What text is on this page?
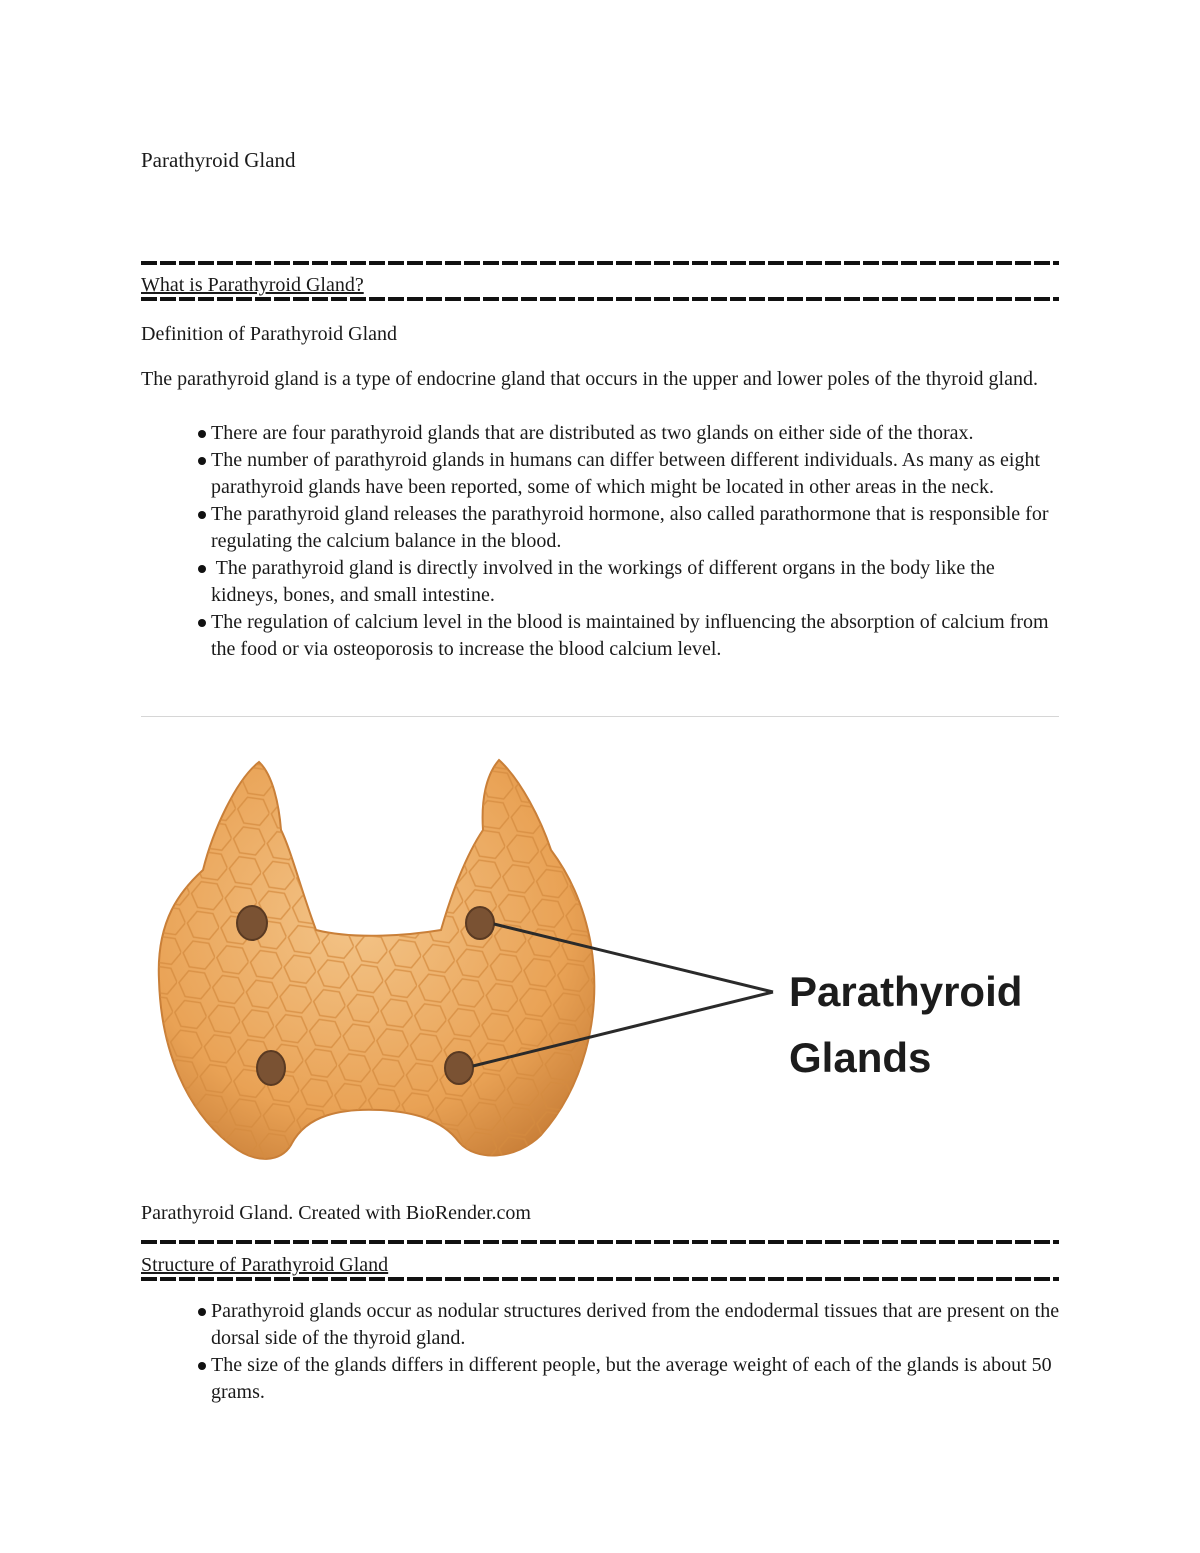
Parathyroid Gland
What is Parathyroid Gland?
Definition of Parathyroid Gland
The parathyroid gland is a type of endocrine gland that occurs in the upper and lower poles of the thyroid gland.
There are four parathyroid glands that are distributed as two glands on either side of the thorax.
The number of parathyroid glands in humans can differ between different individuals. As many as eight parathyroid glands have been reported, some of which might be located in other areas in the neck.
The parathyroid gland releases the parathyroid hormone, also called parathormone that is responsible for regulating the calcium balance in the blood.
The parathyroid gland is directly involved in the workings of different organs in the body like the kidneys, bones, and small intestine.
The regulation of calcium level in the blood is maintained by influencing the absorption of calcium from the food or via osteoporosis to increase the blood calcium level.
Parathyroid
Glands
Parathyroid Gland. Created with BioRender.com
Structure of Parathyroid Gland
Parathyroid glands occur as nodular structures derived from the endodermal tissues that are present on the dorsal side of the thyroid gland.
The size of the glands differs in different people, but the average weight of each of the glands is about 50 grams.
